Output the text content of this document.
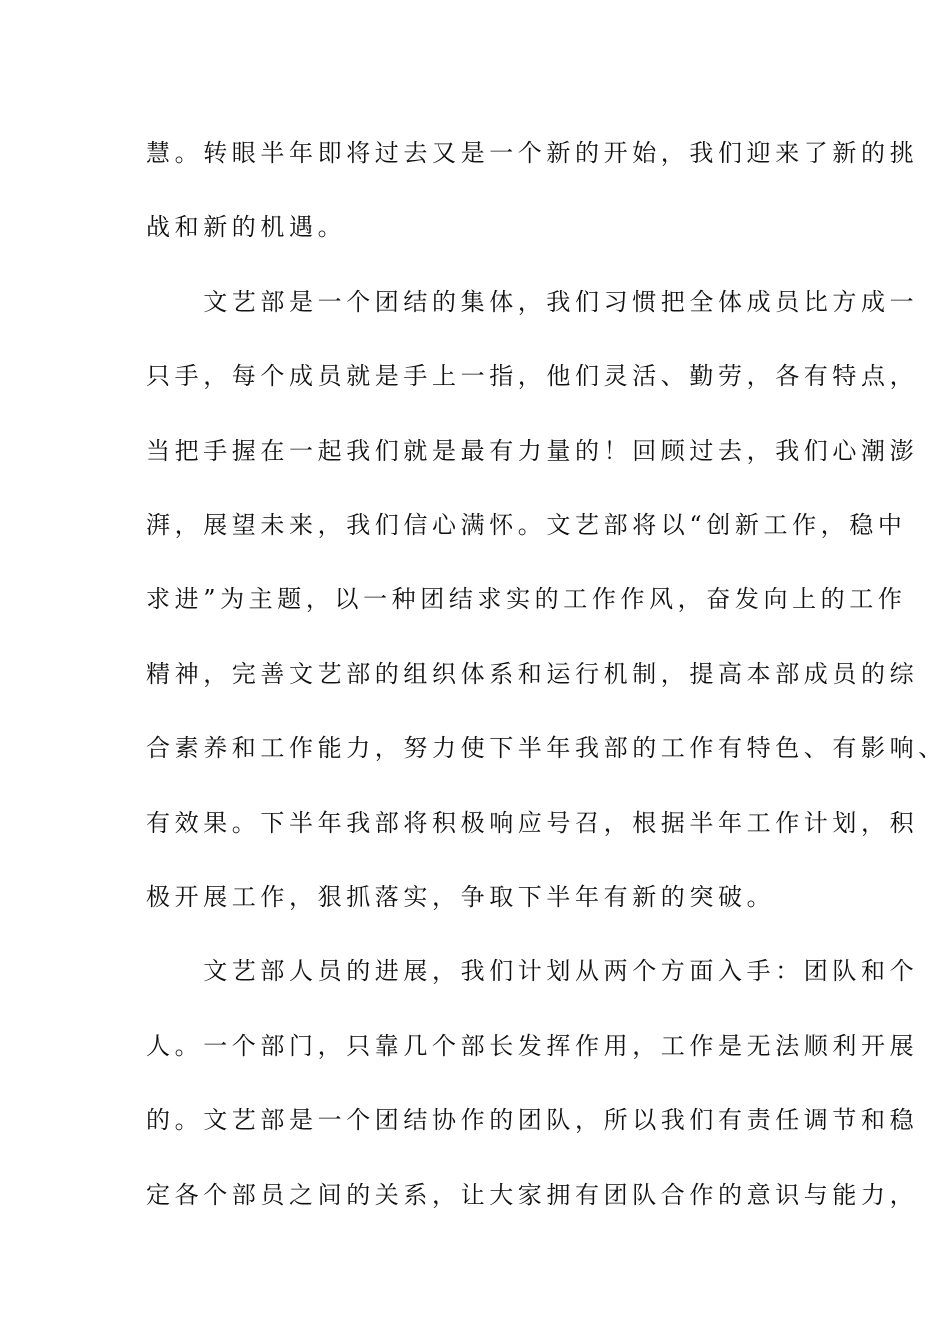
慧。转眼半年即将过去又是一个新的开始，我们迎来了新的挑
战和新的机遇。
　　文艺部是一个团结的集体，我们习惯把全体成员比方成一
只手，每个成员就是手上一指，他们灵活、勤劳，各有特点，
当把手握在一起我们就是最有力量的！回顾过去，我们心潮澎
湃，展望未来，我们信心满怀。文艺部将以“创新工作，稳中
求进”为主题，以一种团结求实的工作作风，奋发向上的工作
精神，完善文艺部的组织体系和运行机制，提高本部成员的综
合素养和工作能力，努力使下半年我部的工作有特色、有影响、
有效果。下半年我部将积极响应号召，根据半年工作计划，积
极开展工作，狠抓落实，争取下半年有新的突破。
　　文艺部人员的进展，我们计划从两个方面入手：团队和个
人。一个部门，只靠几个部长发挥作用，工作是无法顺利开展
的。文艺部是一个团结协作的团队，所以我们有责任调节和稳
定各个部员之间的关系，让大家拥有团队合作的意识与能力，
